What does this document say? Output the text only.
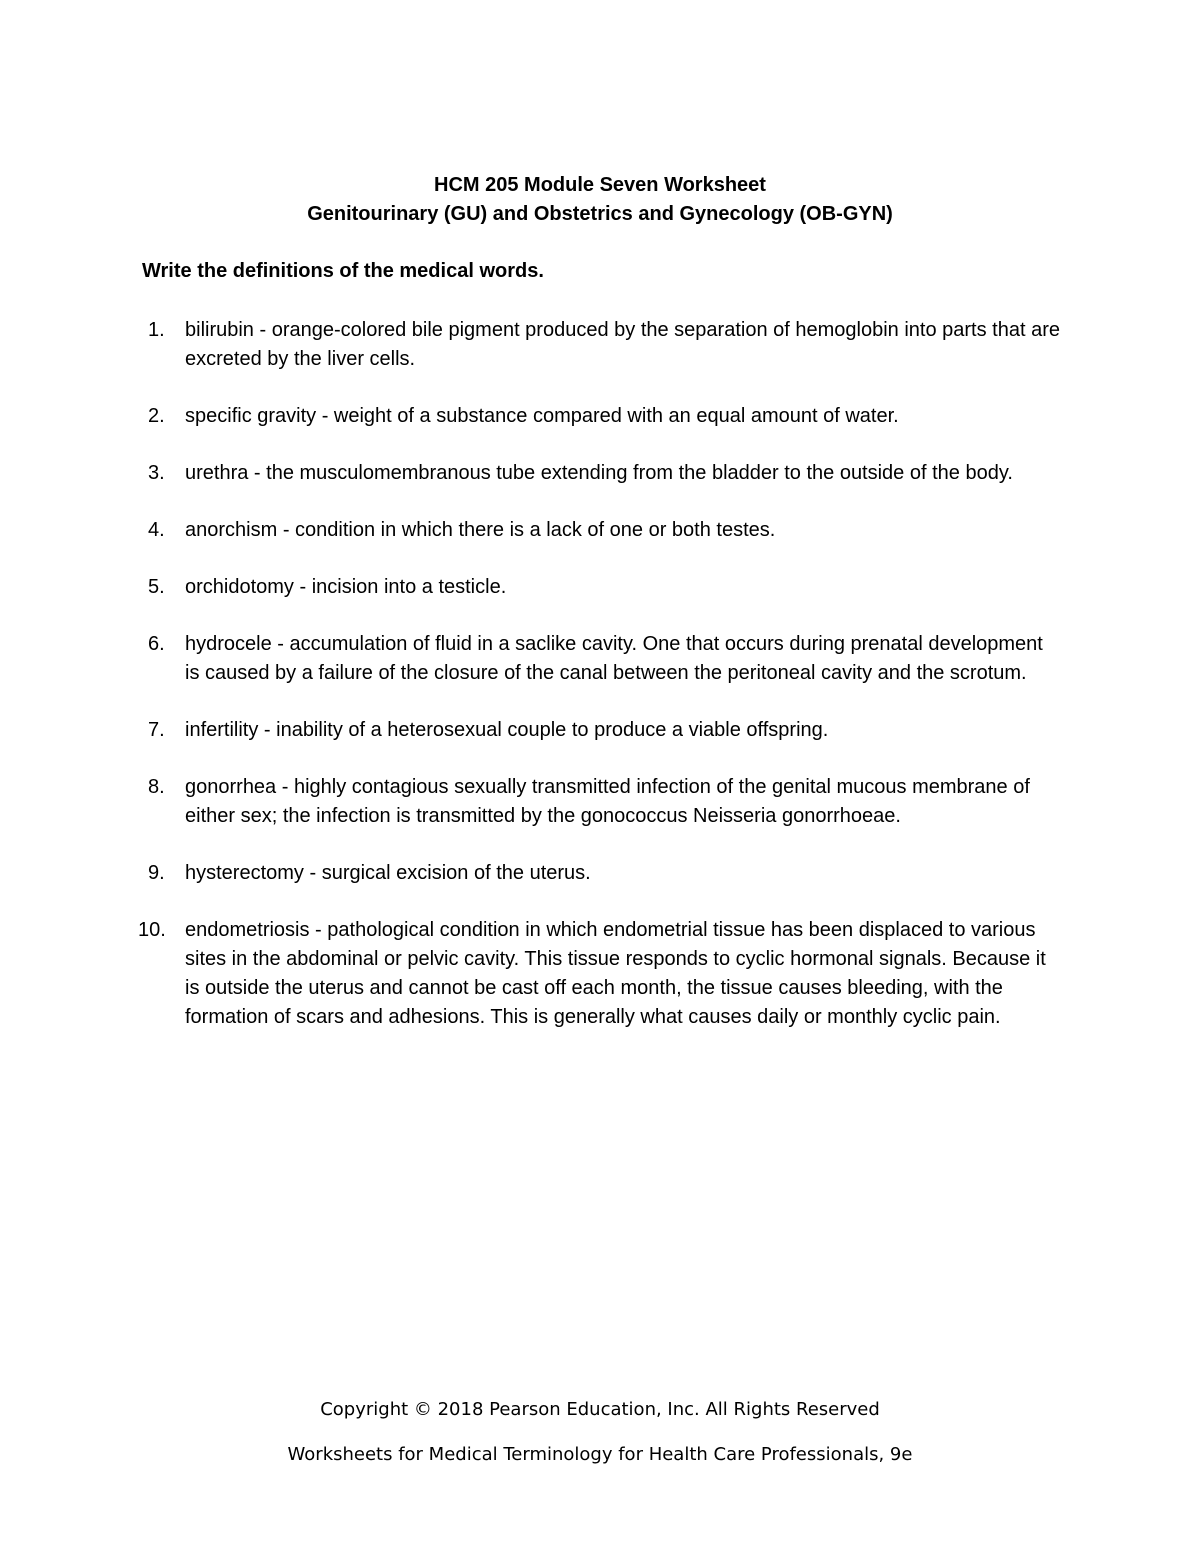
HCM 205 Module Seven Worksheet
Genitourinary (GU) and Obstetrics and Gynecology (OB-GYN)
Write the definitions of the medical words.
1. bilirubin - orange-colored bile pigment produced by the separation of hemoglobin into parts that are excreted by the liver cells.
2. specific gravity - weight of a substance compared with an equal amount of water.
3. urethra - the musculomembranous tube extending from the bladder to the outside of the body.
4. anorchism - condition in which there is a lack of one or both testes.
5. orchidotomy - incision into a testicle.
6. hydrocele - accumulation of fluid in a saclike cavity. One that occurs during prenatal development is caused by a failure of the closure of the canal between the peritoneal cavity and the scrotum.
7. infertility - inability of a heterosexual couple to produce a viable offspring.
8. gonorrhea - highly contagious sexually transmitted infection of the genital mucous membrane of either sex; the infection is transmitted by the gonococcus Neisseria gonorrhoeae.
9. hysterectomy - surgical excision of the uterus.
10. endometriosis - pathological condition in which endometrial tissue has been displaced to various sites in the abdominal or pelvic cavity. This tissue responds to cyclic hormonal signals. Because it is outside the uterus and cannot be cast off each month, the tissue causes bleeding, with the formation of scars and adhesions. This is generally what causes daily or monthly cyclic pain.
Copyright © 2018 Pearson Education, Inc. All Rights Reserved
Worksheets for Medical Terminology for Health Care Professionals, 9e
